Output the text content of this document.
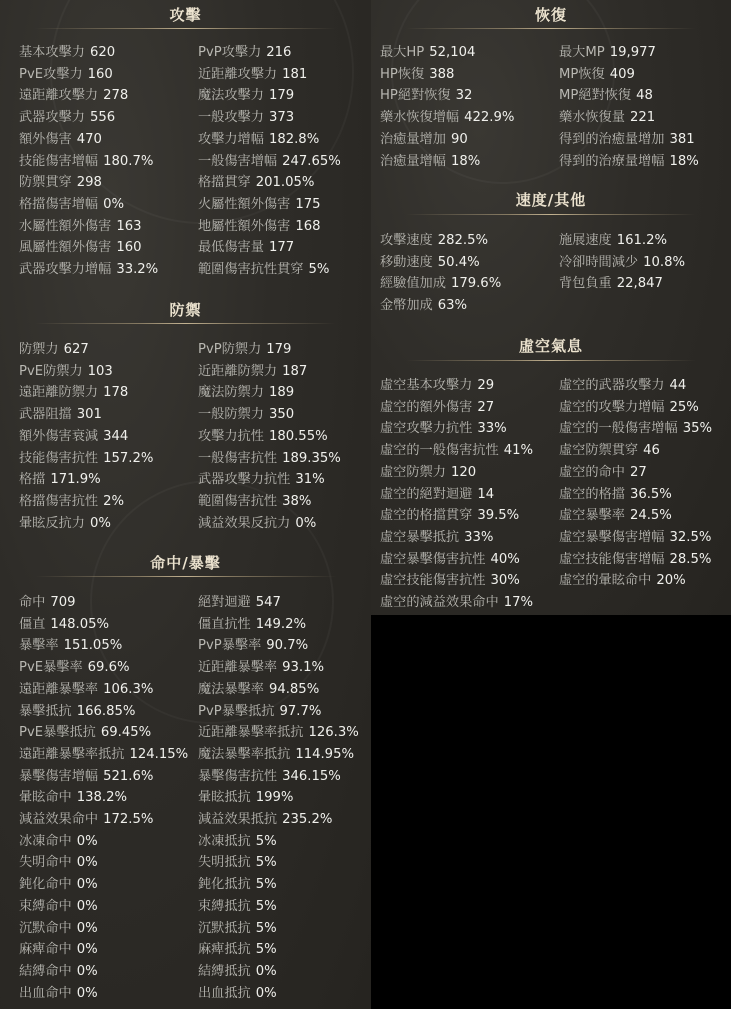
攻擊
基本攻擊力 620	PvP攻擊力 216
PvE攻擊力 160	近距離攻擊力 181
遠距離攻擊力 278	魔法攻擊力 179
武器攻擊力 556	一般攻擊力 373
額外傷害 470	攻擊力增幅 182.8%
技能傷害增幅 180.7%	一般傷害增幅 247.65%
防禦貫穿 298	格擋貫穿 201.05%
格擋傷害增幅 0%	火屬性額外傷害 175
水屬性額外傷害 163	地屬性額外傷害 168
風屬性額外傷害 160	最低傷害量 177
武器攻擊力增幅 33.2%	範圍傷害抗性貫穿 5%
防禦
防禦力 627	PvP防禦力 179
PvE防禦力 103	近距離防禦力 187
遠距離防禦力 178	魔法防禦力 189
武器阻擋 301	一般防禦力 350
額外傷害衰減 344	攻擊力抗性 180.55%
技能傷害抗性 157.2%	一般傷害抗性 189.35%
格擋 171.9%	武器攻擊力抗性 31%
格擋傷害抗性 2%	範圍傷害抗性 38%
暈眩反抗力 0%	減益效果反抗力 0%
命中/暴擊
命中 709	絕對迴避 547
僵直 148.05%	僵直抗性 149.2%
暴擊率 151.05%	PvP暴擊率 90.7%
PvE暴擊率 69.6%	近距離暴擊率 93.1%
遠距離暴擊率 106.3%	魔法暴擊率 94.85%
暴擊抵抗 166.85%	PvP暴擊抵抗 97.7%
PvE暴擊抵抗 69.45%	近距離暴擊率抵抗 126.3%
遠距離暴擊率抵抗 124.15% 魔法暴擊率抵抗 114.95%
暴擊傷害增幅 521.6%	暴擊傷害抗性 346.15%
暈眩命中 138.2%	暈眩抵抗 199%
減益效果命中 172.5%	減益效果抵抗 235.2%
冰凍命中 0%	冰凍抵抗 5%
失明命中 0%	失明抵抗 5%
鈍化命中 0%	鈍化抵抗 5%
束縛命中 0%	束縛抵抗 5%
沉默命中 0%	沉默抵抗 5%
麻痺命中 0%	麻痺抵抗 5%
結縛命中 0%	結縛抵抗 0%
出血命中 0%	出血抵抗 0%
恢復
最大HP 52,104	最大MP 19,977
HP恢復 388	MP恢復 409
HP絕對恢復 32	MP絕對恢復 48
藥水恢復增幅 422.9%	藥水恢復量 221
治癒量增加 90	得到的治癒量增加 381
治癒量增幅 18%	得到的治療量增幅 18%
速度/其他
攻擊速度 282.5%	施展速度 161.2%
移動速度 50.4%	冷卻時間減少 10.8%
經驗值加成 179.6%	背包負重 22,847
金幣加成 63%
虛空氣息
虛空基本攻擊力 29	虛空的武器攻擊力 44
虛空的額外傷害 27	虛空的攻擊力增幅 25%
虛空攻擊力抗性 33%	虛空的一般傷害增幅 35%
虛空的一般傷害抗性 41% 虛空防禦貫穿 46
虛空防禦力 120	虛空的命中 27
虛空的絕對迴避 14	虛空的格擋 36.5%
虛空的格擋貫穿 39.5%	虛空暴擊率 24.5%
虛空暴擊抵抗 33%	虛空暴擊傷害增幅 32.5%
虛空暴擊傷害抗性 40%	虛空技能傷害增幅 28.5%
虛空技能傷害抗性 30%	虛空的暈眩命中 20%
虛空的減益效果命中 17%
